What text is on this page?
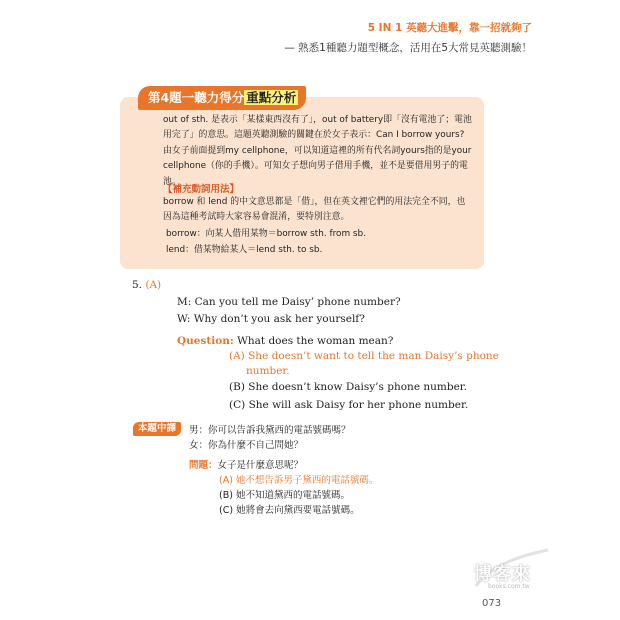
5 IN 1 英聽大進擊，靠一招就夠了
— 熟悉1種聽力題型概念，活用在5大常見英聽測驗！
第4題一聽力得分 重點分析
out of sth. 是表示「某樣東西沒有了」，out of battery即「沒有電池了；電池用完了」的意思。這題英聽測驗的關鍵在於女子表示：Can I borrow yours? 由女子前面提到my cellphone，可以知道這裡的所有代名詞yours指的是your cellphone（你的手機）。可知女子想向男子借用手機，並不是要借用男子的電池。
【補充動詞用法】
borrow 和 lend 的中文意思都是「借」，但在英文裡它們的用法完全不同，也因為這種考試時大家容易會混淆，要特別注意。
borrow：向某人借用某物＝borrow sth. from sb.
lend：借某物給某人＝lend sth. to sb.
5. (A)
M: Can you tell me Daisy’ phone number?
W: Why don’t you ask her yourself?
Question: What does the woman mean?
(A) She doesn’t want to tell the man Daisy’s phone
number.
(B) She doesn’t know Daisy’s phone number.
(C) She will ask Daisy for her phone number.
本題中譯	男：你可以告訴我黛西的電話號碼嗎？
女：你為什麼不自己問她？
問題：女子是什麼意思呢？
(A) 她不想告訴男子黛西的電話號碼。
(B) 她不知道黛西的電話號碼。
(C) 她將會去向黛西要電話號碼。
博客來
books.com.tw
073
